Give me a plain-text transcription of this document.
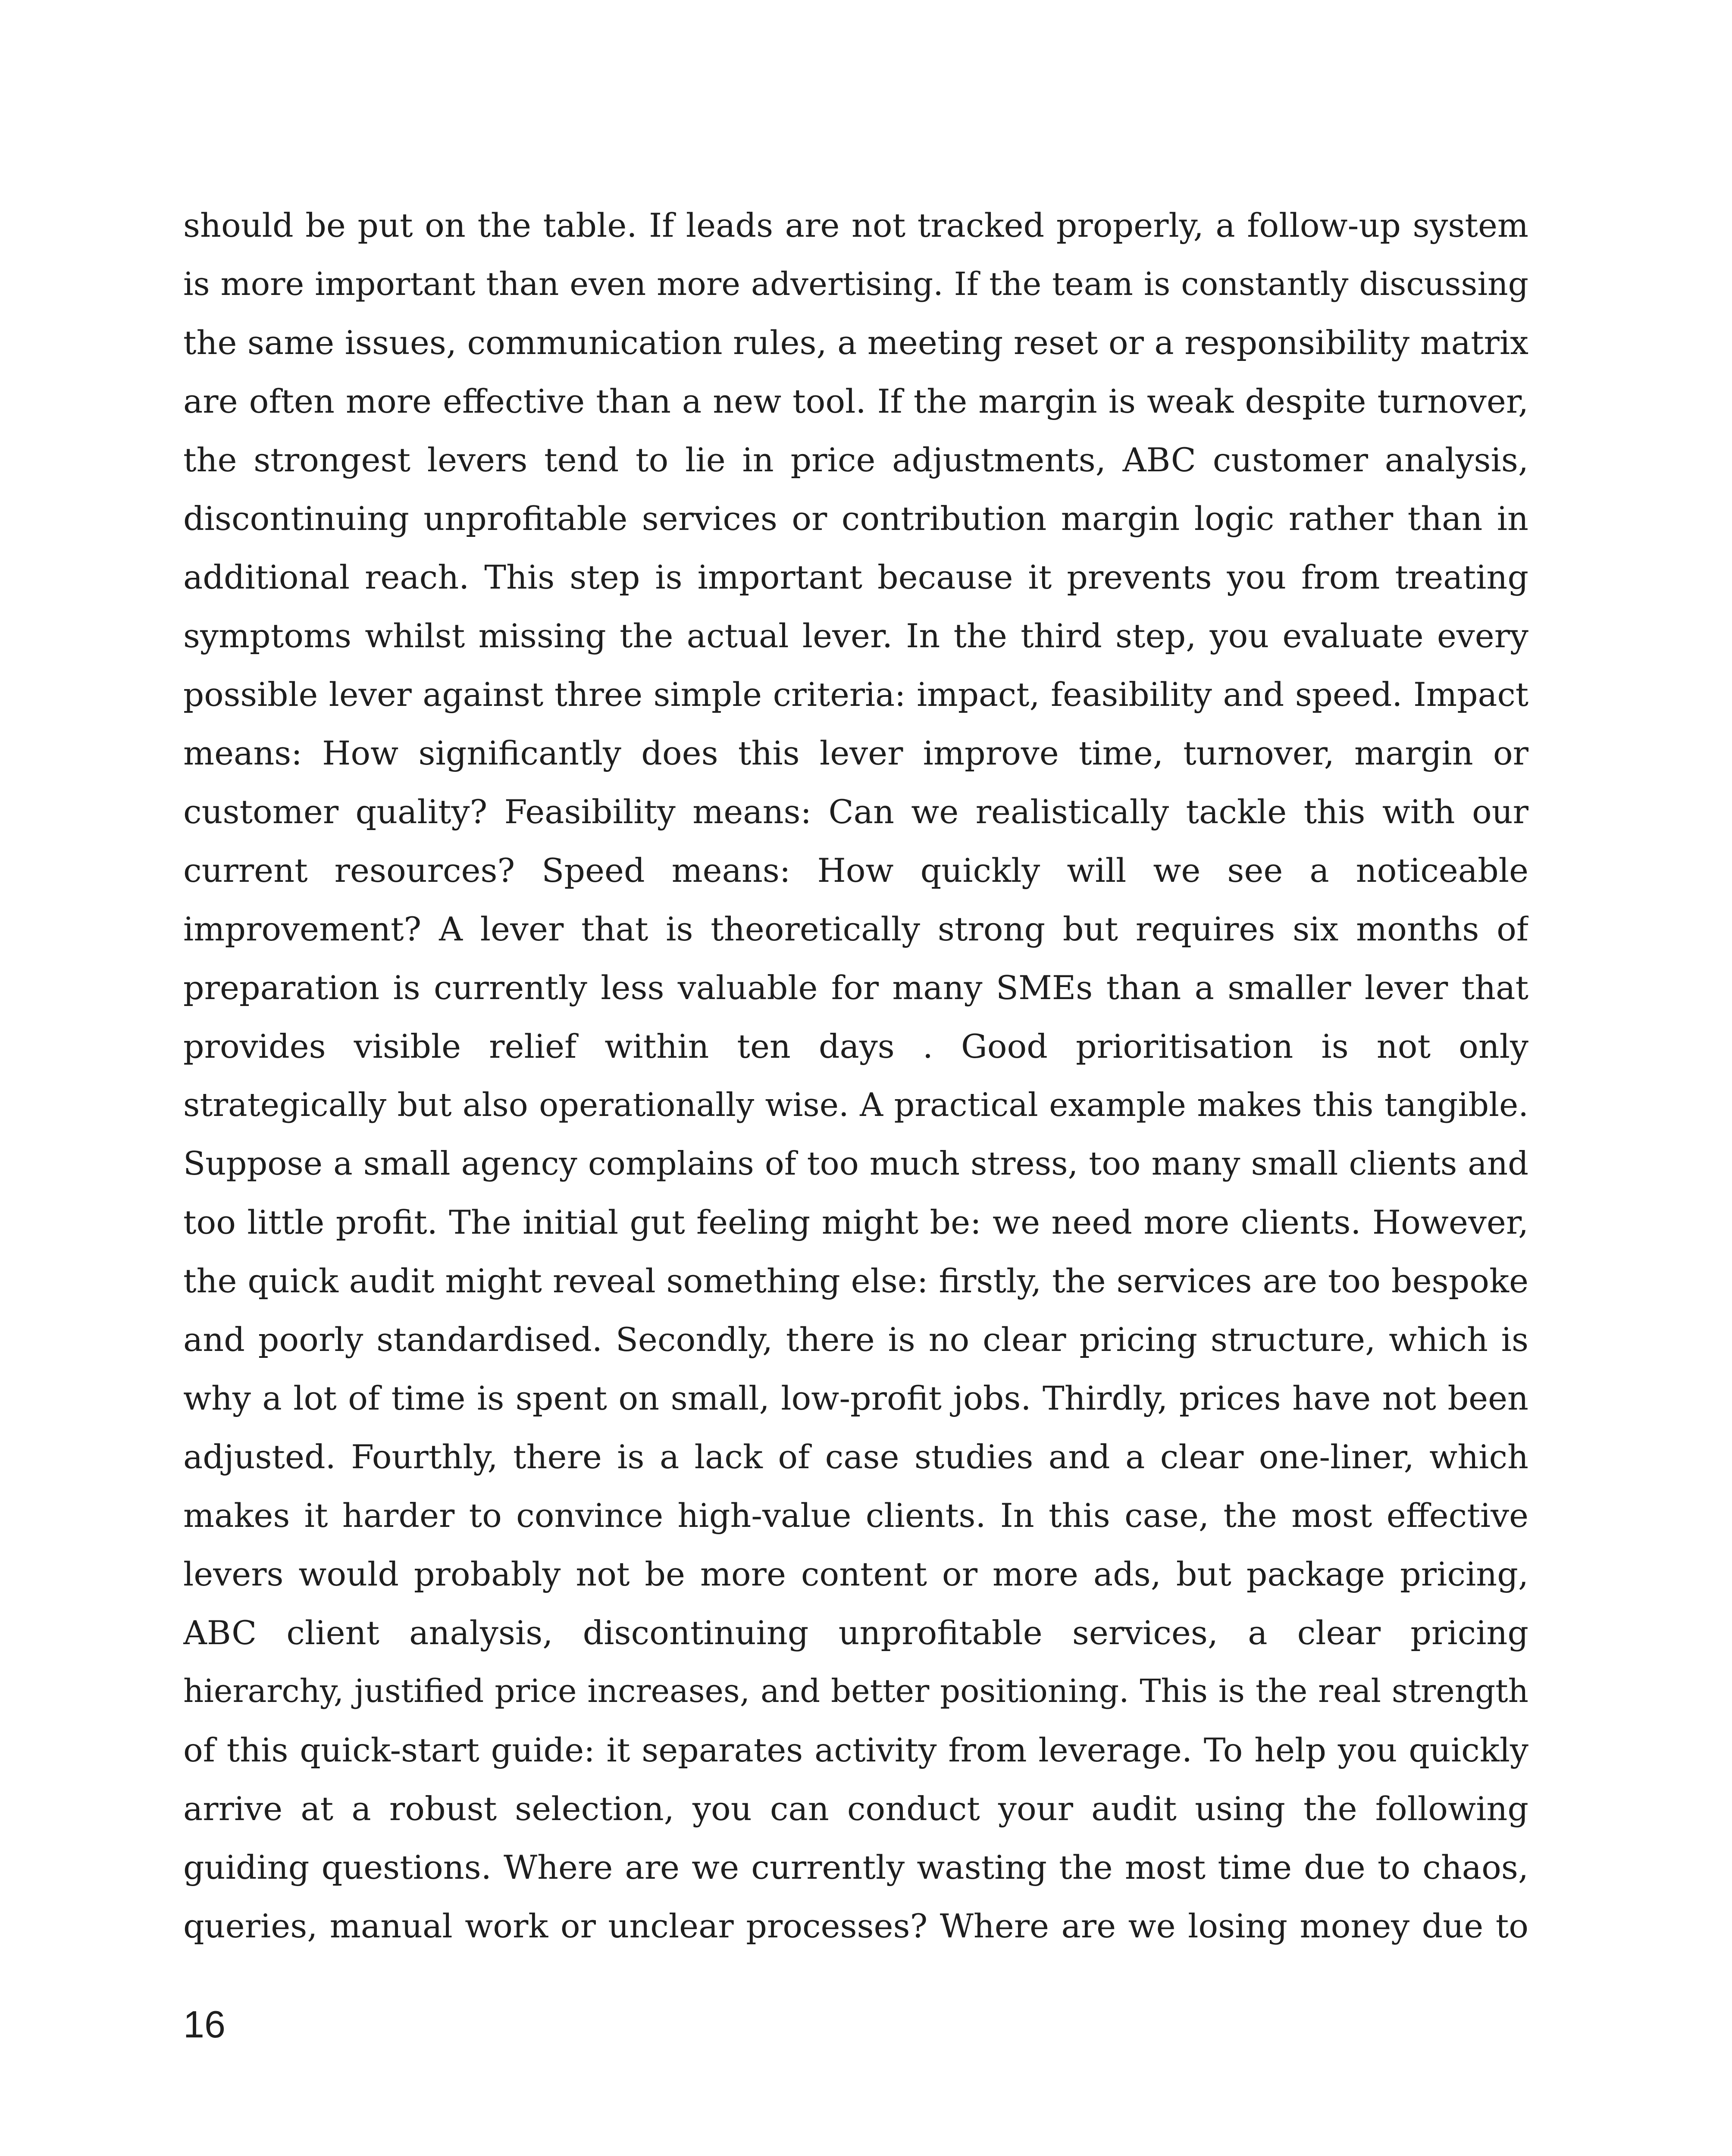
should be put on the table. If leads are not tracked properly, a follow-up system
is more important than even more advertising. If the team is constantly discussing
the same issues, communication rules, a meeting reset or a responsibility matrix
are often more effective than a new tool. If the margin is weak despite turnover,
the strongest levers tend to lie in price adjustments, ABC customer analysis,
discontinuing unprofitable services or contribution margin logic rather than in
additional reach. This step is important because it prevents you from treating
symptoms whilst missing the actual lever. In the third step, you evaluate every
possible lever against three simple criteria: impact, feasibility and speed. Impact
means: How significantly does this lever improve time, turnover, margin or
customer quality? Feasibility means: Can we realistically tackle this with our
current resources? Speed means: How quickly will we see a noticeable
improvement? A lever that is theoretically strong but requires six months of
preparation is currently less valuable for many SMEs than a smaller lever that
provides visible relief within ten days . Good prioritisation is not only
strategically but also operationally wise. A practical example makes this tangible.
Suppose a small agency complains of too much stress, too many small clients and
too little profit. The initial gut feeling might be: we need more clients. However,
the quick audit might reveal something else: firstly, the services are too bespoke
and poorly standardised. Secondly, there is no clear pricing structure, which is
why a lot of time is spent on small, low-profit jobs. Thirdly, prices have not been
adjusted. Fourthly, there is a lack of case studies and a clear one-liner, which
makes it harder to convince high-value clients. In this case, the most effective
levers would probably not be more content or more ads, but package pricing,
ABC client analysis, discontinuing unprofitable services, a clear pricing
hierarchy, justified price increases, and better positioning. This is the real strength
of this quick-start guide: it separates activity from leverage. To help you quickly
arrive at a robust selection, you can conduct your audit using the following
guiding questions. Where are we currently wasting the most time due to chaos,
queries, manual work or unclear processes? Where are we losing money due to
16
